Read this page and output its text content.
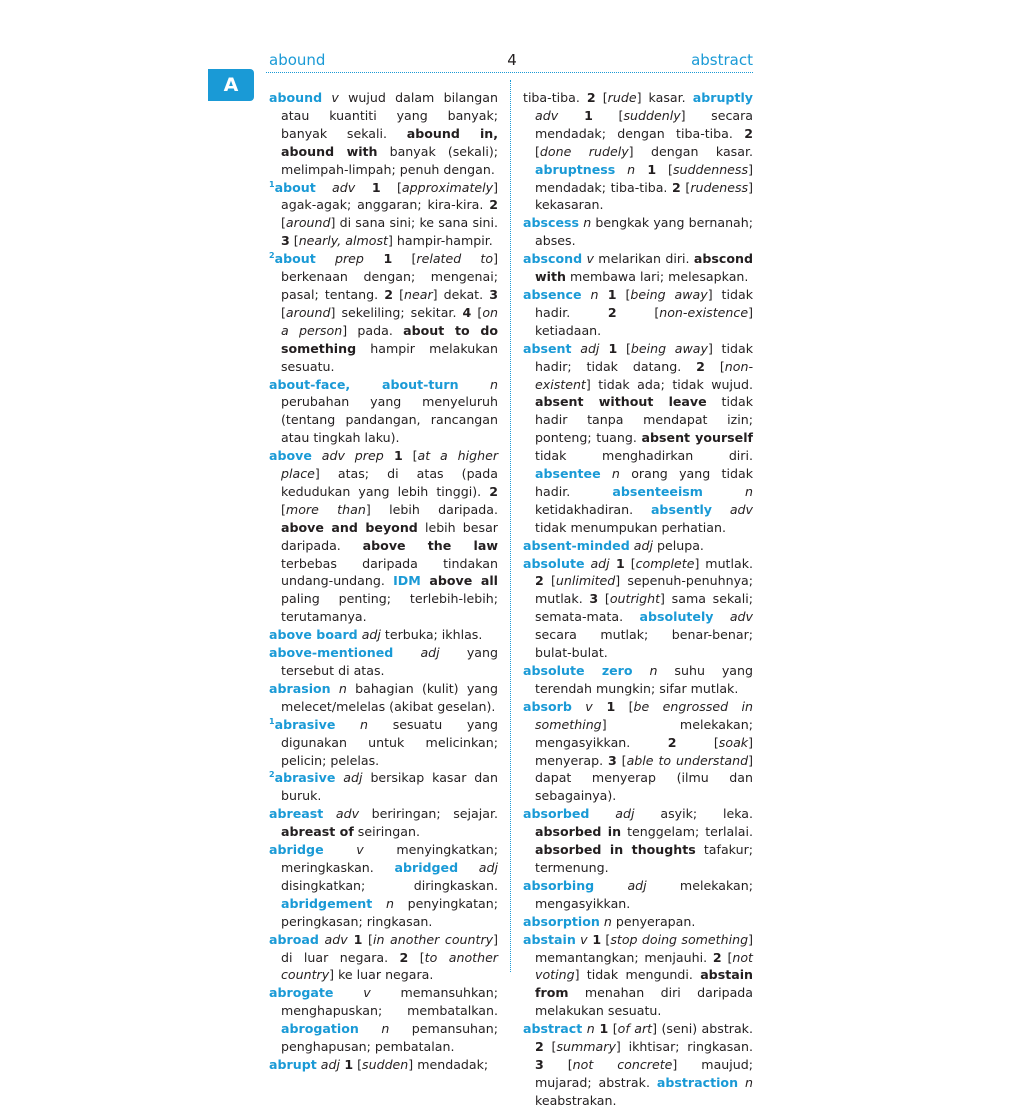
abound	4	abstract
A

abound v wujud dalam bilangan atau kuantiti yang banyak; banyak sekali. abound in, abound with banyak (sekali); melimpah-limpah; penuh dengan.

$^1$about adv 1 [approximately] agak-agak; anggaran; kira-kira. 2 [around] di sana sini; ke sana sini. 3 [nearly, almost] hampir-hampir.

$^2$about prep 1 [related to] berkenaan dengan; mengenai; pasal; tentang. 2 [near] dekat. 3 [around] sekeliling; sekitar. 4 [on a person] pada. about to do something hampir melakukan sesuatu.

about-face, about-turn n perubahan yang menyeluruh (tentang pandangan, rancangan atau tingkah laku).

above adv prep 1 [at a higher place] atas; di atas (pada kedudukan yang lebih tinggi). 2 [more than] lebih daripada. above and beyond lebih besar daripada. above the law terbebas daripada tindakan undang-undang. IDM above all paling penting; terlebih-lebih; terutamanya.

above board adj terbuka; ikhlas.

above-mentioned adj yang tersebut di atas.

abrasion n bahagian (kulit) yang melecet/melelas (akibat geselan).

$^1$abrasive n sesuatu yang digunakan untuk melicinkan; pelicin; pelelas.

$^2$abrasive adj bersikap kasar dan buruk.

abreast adv beriringan; sejajar. abreast of seiringan.

abridge v menyingkatkan; meringkaskan. abridged adj disingkatkan; diringkaskan. abridgement n penyingkatan; peringkasan; ringkasan.

abroad adv 1 [in another country] di luar negara. 2 [to another country] ke luar negara.

abrogate v memansuhkan; menghapuskan; membatalkan. abrogation n pemansuhan; penghapusan; pembatalan.

abrupt adj 1 [sudden] mendadak;

tiba-tiba. 2 [rude] kasar. abruptly adv 1 [suddenly] secara mendadak; dengan tiba-tiba. 2 [done rudely] dengan kasar. abruptness n 1 [suddenness] mendadak; tiba-tiba. 2 [rudeness] kekasaran.

abscess n bengkak yang bernanah; abses.

abscond v melarikan diri. abscond with membawa lari; melesapkan.

absence n 1 [being away] tidak hadir. 2 [non-existence] ketiadaan.

absent adj 1 [being away] tidak hadir; tidak datang. 2 [non-existent] tidak ada; tidak wujud. absent without leave tidak hadir tanpa mendapat izin; ponteng; tuang. absent yourself tidak menghadirkan diri. absentee n orang yang tidak hadir. absenteeism n ketidakhadiran. absently adv tidak menumpukan perhatian.

absent-minded adj pelupa.

absolute adj 1 [complete] mutlak. 2 [unlimited] sepenuh-penuhnya; mutlak. 3 [outright] sama sekali; semata-mata. absolutely adv secara mutlak; benar-benar; bulat-bulat.

absolute zero n suhu yang terendah mungkin; sifar mutlak.

absorb v 1 [be engrossed in something] melekakan; mengasyikkan. 2 [soak] menyerap. 3 [able to understand] dapat menyerap (ilmu dan sebagainya).

absorbed adj asyik; leka. absorbed in tenggelam; terlalai. absorbed in thoughts tafakur; termenung.

absorbing adj melekakan; mengasyikkan.

absorption n penyerapan.

abstain v 1 [stop doing something] memantangkan; menjauhi. 2 [not voting] tidak mengundi. abstain from menahan diri daripada melakukan sesuatu.

abstract n 1 [of art] (seni) abstrak. 2 [summary] ikhtisar; ringkasan. 3 [not concrete] maujud; mujarad; abstrak. abstraction n keabstrakan.
